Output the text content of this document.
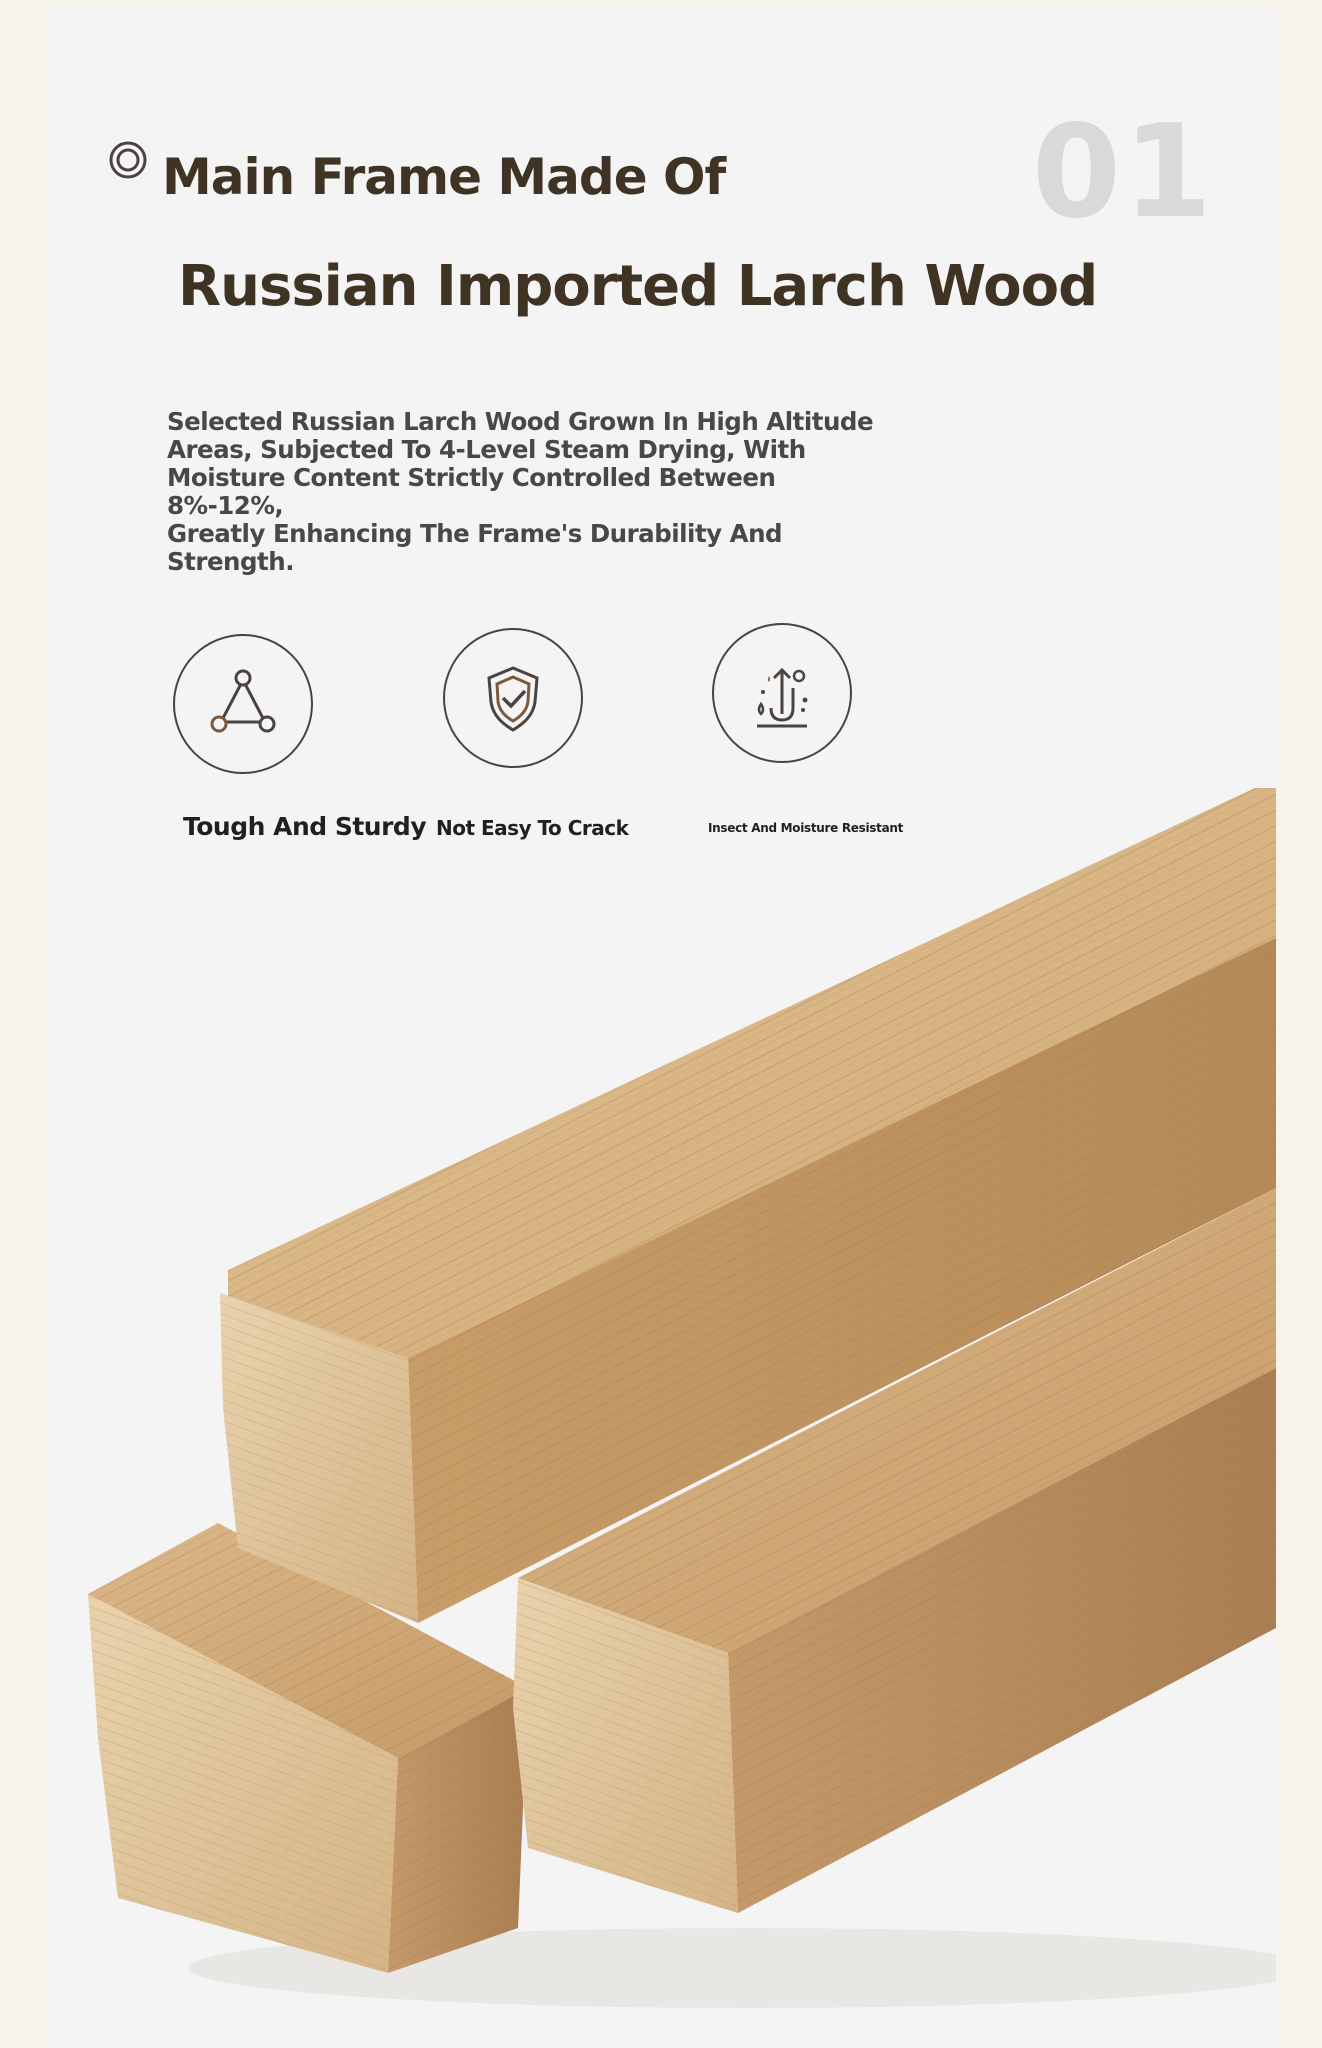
01
Main Frame Made Of
Russian Imported Larch Wood
Selected Russian Larch Wood Grown In High Altitude
Areas, Subjected To 4-Level Steam Drying, With
Moisture Content Strictly Controlled Between 8%-12%,
Greatly Enhancing The Frame's Durability And Strength.
Tough And Sturdy Not Easy To Crack	Insect And Moisture Resistant
